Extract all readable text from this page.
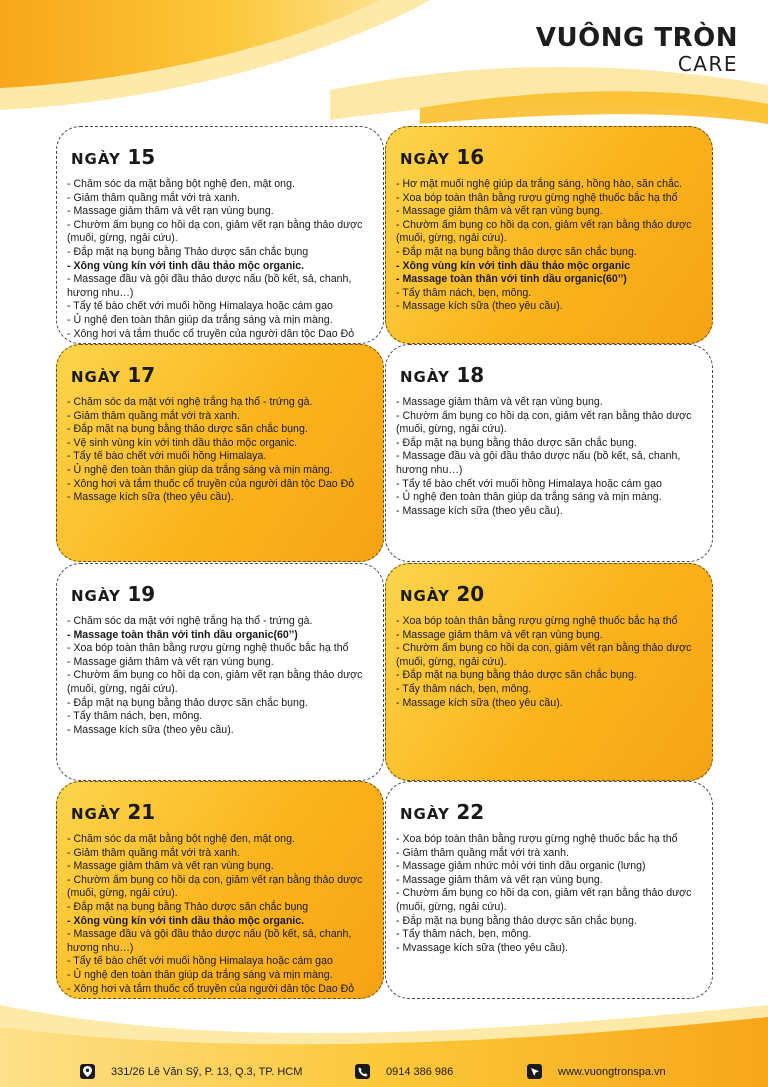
VUÔNG TRÒN
CARE
NGÀY 15
- Chăm sóc da mặt bằng bột nghệ đen, mật ong.
- Giảm thâm quầng mắt với trà xanh.
- Massage giảm thâm và vết rạn vùng bụng.
- Chườm ấm bụng co hồi dạ con, giảm vết rạn bằng thảo dược (muối, gừng, ngải cứu).
- Đắp mặt nạ bụng bằng Thảo dược săn chắc bụng
- Xông vùng kín với tinh dầu thảo mộc organic.
- Massage đầu và gội đầu thảo dược nấu (bồ kết, sả, chanh, hương nhu…)
- Tẩy tế bào chết với muối hồng Himalaya hoặc cám gạo
- Ủ nghệ đen toàn thân giúp da trắng sáng và mịn màng.
- Xông hơi và tắm thuốc cổ truyền của người dân tộc Dao Đỏ
NGÀY 16
- Hơ mặt muối nghệ giúp da trắng sáng, hồng hào, săn chắc.
- Xoa bóp toàn thân bằng rượu gừng nghệ thuốc bắc hạ thổ
- Massage giảm thâm và vết rạn vùng bụng.
- Chườm ấm bụng co hồi dạ con, giảm vết rạn bằng thảo dược (muối, gừng, ngải cứu).
- Đắp mặt nạ bụng bằng thảo dược săn chắc bụng.
- Xông vùng kín với tinh dầu thảo mộc organic
- Massage toàn thân với tinh dầu organic(60’’)
- Tẩy thâm nách, bẹn, mông.
- Massage kích sữa (theo yêu cầu).
NGÀY 17
- Chăm sóc da mặt với nghệ trắng hạ thổ - trứng gà.
- Giảm thâm quầng mắt với trà xanh.
- Đắp mặt nạ bụng bằng thảo dược săn chắc bụng.
- Vệ sinh vùng kín với tinh dầu thảo mộc organic.
- Tẩy tế bào chết với muối hồng Himalaya.
- Ủ nghệ đen toàn thân giúp da trắng sáng và mịn màng.
- Xông hơi và tắm thuốc cổ truyền của người dân tộc Dao Đỏ
- Massage kích sữa (theo yêu cầu).
NGÀY 18
- Massage giảm thâm và vết rạn vùng bụng.
- Chườm ấm bụng co hồi dạ con, giảm vết rạn bằng thảo dược (muối, gừng, ngải cứu).
- Đắp mặt nạ bụng bằng thảo dược săn chắc bụng.
- Massage đầu và gội đầu thảo dược nấu (bồ kết, sả, chanh, hương nhu…)
- Tẩy tế bào chết với muối hồng Himalaya hoặc cám gạo
- Ủ nghệ đen toàn thân giúp da trắng sáng và mịn màng.
- Massage kích sữa (theo yêu cầu).
NGÀY 19
- Chăm sóc da mặt với nghệ trắng hạ thổ - trứng gà.
- Massage toàn thân với tinh dầu organic(60’’)
- Xoa bóp toàn thân bằng rượu gừng nghệ thuốc bắc hạ thổ
- Massage giảm thâm và vết rạn vùng bụng.
- Chườm ấm bụng co hồi dạ con, giảm vết rạn bằng thảo dược (muối, gừng, ngải cứu).
- Đắp mặt nạ bụng bằng thảo dược săn chắc bụng.
- Tẩy thâm nách, bẹn, mông.
- Massage kích sữa (theo yêu cầu).
NGÀY 20
- Xoa bóp toàn thân bằng rượu gừng nghệ thuốc bắc hạ thổ
- Massage giảm thâm và vết rạn vùng bụng.
- Chườm ấm bụng co hồi dạ con, giảm vết rạn bằng thảo dược (muối, gừng, ngải cứu).
- Đắp mặt nạ bụng bằng thảo dược săn chắc bụng.
- Tẩy thâm nách, bẹn, mông.
- Massage kích sữa (theo yêu cầu).
NGÀY 21
- Chăm sóc da mặt bằng bột nghệ đen, mật ong.
- Giảm thâm quầng mắt với trà xanh.
- Massage giảm thâm và vết rạn vùng bụng.
- Chườm ấm bụng co hồi dạ con, giảm vết rạn bằng thảo dược (muối, gừng, ngải cứu).
- Đắp mặt nạ bụng bằng Thảo dược săn chắc bụng
- Xông vùng kín với tinh dầu thảo mộc organic.
- Massage đầu và gội đầu thảo dược nấu (bồ kết, sả, chanh, hương nhu…)
- Tẩy tế bào chết với muối hồng Himalaya hoặc cám gạo
- Ủ nghệ đen toàn thân giúp da trắng sáng và mịn màng.
- Xông hơi và tắm thuốc cổ truyền của người dân tộc Dao Đỏ
NGÀY 22
- Xoa bóp toàn thân bằng rượu gừng nghệ thuốc bắc hạ thổ
- Giảm thâm quầng mắt với trà xanh.
- Massage giảm nhức mỏi với tinh dầu organic (lưng)
- Massage giảm thâm và vết rạn vùng bụng.
- Chườm ấm bụng co hồi dạ con, giảm vết rạn bằng thảo dược (muối, gừng, ngải cứu).
- Đắp mặt nạ bụng bằng thảo dược săn chắc bụng.
- Tẩy thâm nách, bẹn, mông.
- Mvassage kích sữa (theo yêu cầu).
331/26 Lê Văn Sỹ, P. 13, Q.3, TP. HCM	0914 386 986	www.vuongtronspa.vn
